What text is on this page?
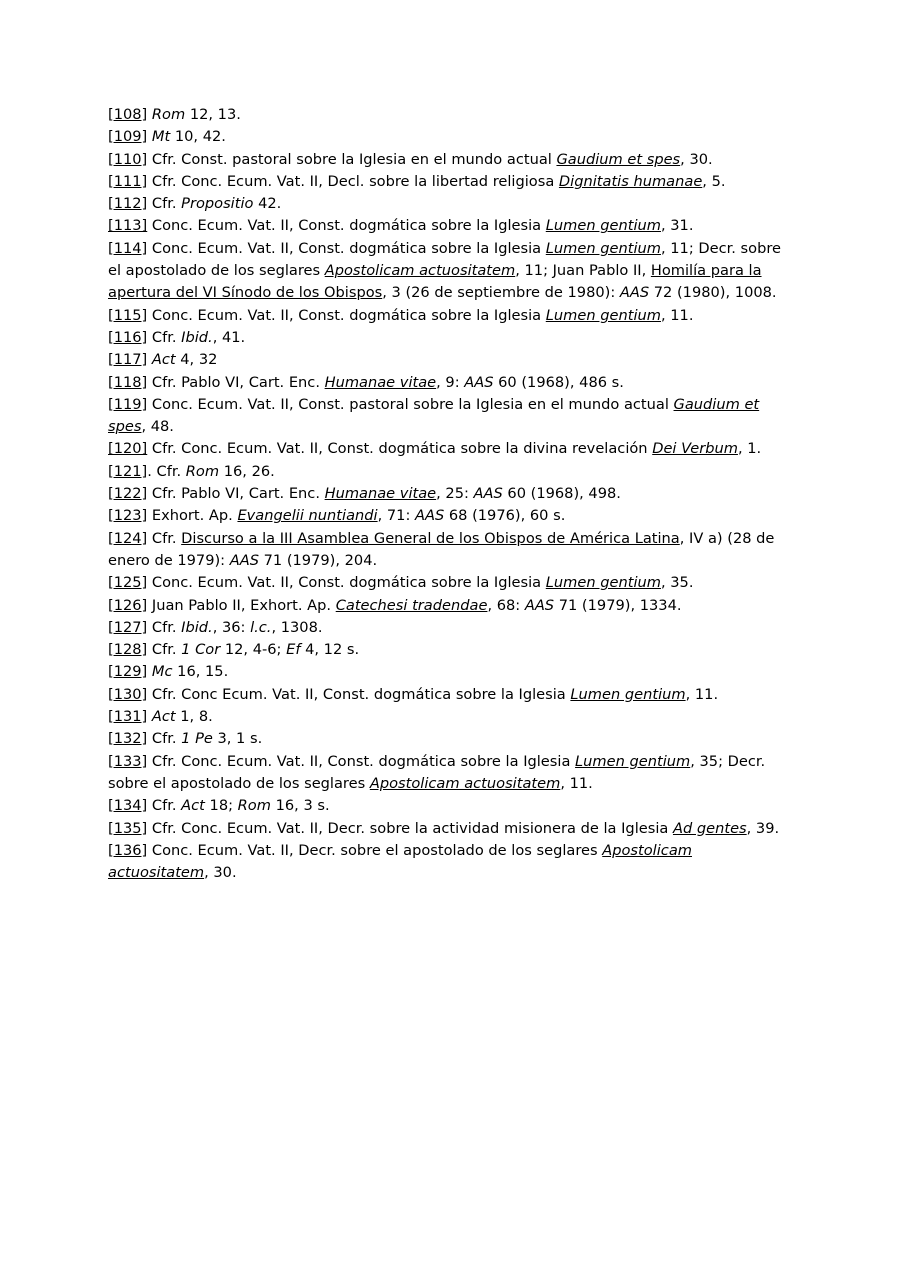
[108] Rom 12, 13.

[109] Mt 10, 42.

[110] Cfr. Const. pastoral sobre la Iglesia en el mundo actual Gaudium et spes, 30.

[111] Cfr. Conc. Ecum. Vat. II, Decl. sobre la libertad religiosa Dignitatis humanae, 5.

[112] Cfr. Propositio 42.

[113] Conc. Ecum. Vat. II, Const. dogmática sobre la Iglesia Lumen gentium, 31.

[114] Conc. Ecum. Vat. II, Const. dogmática sobre la Iglesia Lumen gentium, 11; Decr. sobre el apostolado de los seglares Apostolicam actuositatem, 11; Juan Pablo II, Homilía para la apertura del VI Sínodo de los Obispos, 3 (26 de septiembre de 1980): AAS 72 (1980), 1008.

[115] Conc. Ecum. Vat. II, Const. dogmática sobre la Iglesia Lumen gentium, 11.

[116] Cfr. Ibid., 41.

[117] Act 4, 32

[118] Cfr. Pablo VI, Cart. Enc. Humanae vitae, 9: AAS 60 (1968), 486 s.

[119] Conc. Ecum. Vat. II, Const. pastoral sobre la Iglesia en el mundo actual Gaudium et spes, 48.

[120] Cfr. Conc. Ecum. Vat. II, Const. dogmática sobre la divina revelación Dei Verbum, 1.

[121]. Cfr. Rom 16, 26.

[122] Cfr. Pablo VI, Cart. Enc. Humanae vitae, 25: AAS 60 (1968), 498.

[123] Exhort. Ap. Evangelii nuntiandi, 71: AAS 68 (1976), 60 s.

[124] Cfr. Discurso a la III Asamblea General de los Obispos de América Latina, IV a) (28 de enero de 1979): AAS 71 (1979), 204.

[125] Conc. Ecum. Vat. II, Const. dogmática sobre la Iglesia Lumen gentium, 35.

[126] Juan Pablo II, Exhort. Ap. Catechesi tradendae, 68: AAS 71 (1979), 1334.

[127] Cfr. Ibid., 36: l.c., 1308.

[128] Cfr. 1 Cor 12, 4-6; Ef 4, 12 s.

[129] Mc 16, 15.

[130] Cfr. Conc Ecum. Vat. II, Const. dogmática sobre la Iglesia Lumen gentium, 11.

[131] Act 1, 8.

[132] Cfr. 1 Pe 3, 1 s.

[133] Cfr. Conc. Ecum. Vat. II, Const. dogmática sobre la Iglesia Lumen gentium, 35; Decr. sobre el apostolado de los seglares Apostolicam actuositatem, 11.

[134] Cfr. Act 18; Rom 16, 3 s.

[135] Cfr. Conc. Ecum. Vat. II, Decr. sobre la actividad misionera de la Iglesia Ad gentes, 39.

[136] Conc. Ecum. Vat. II, Decr. sobre el apostolado de los seglares Apostolicam actuositatem, 30.
